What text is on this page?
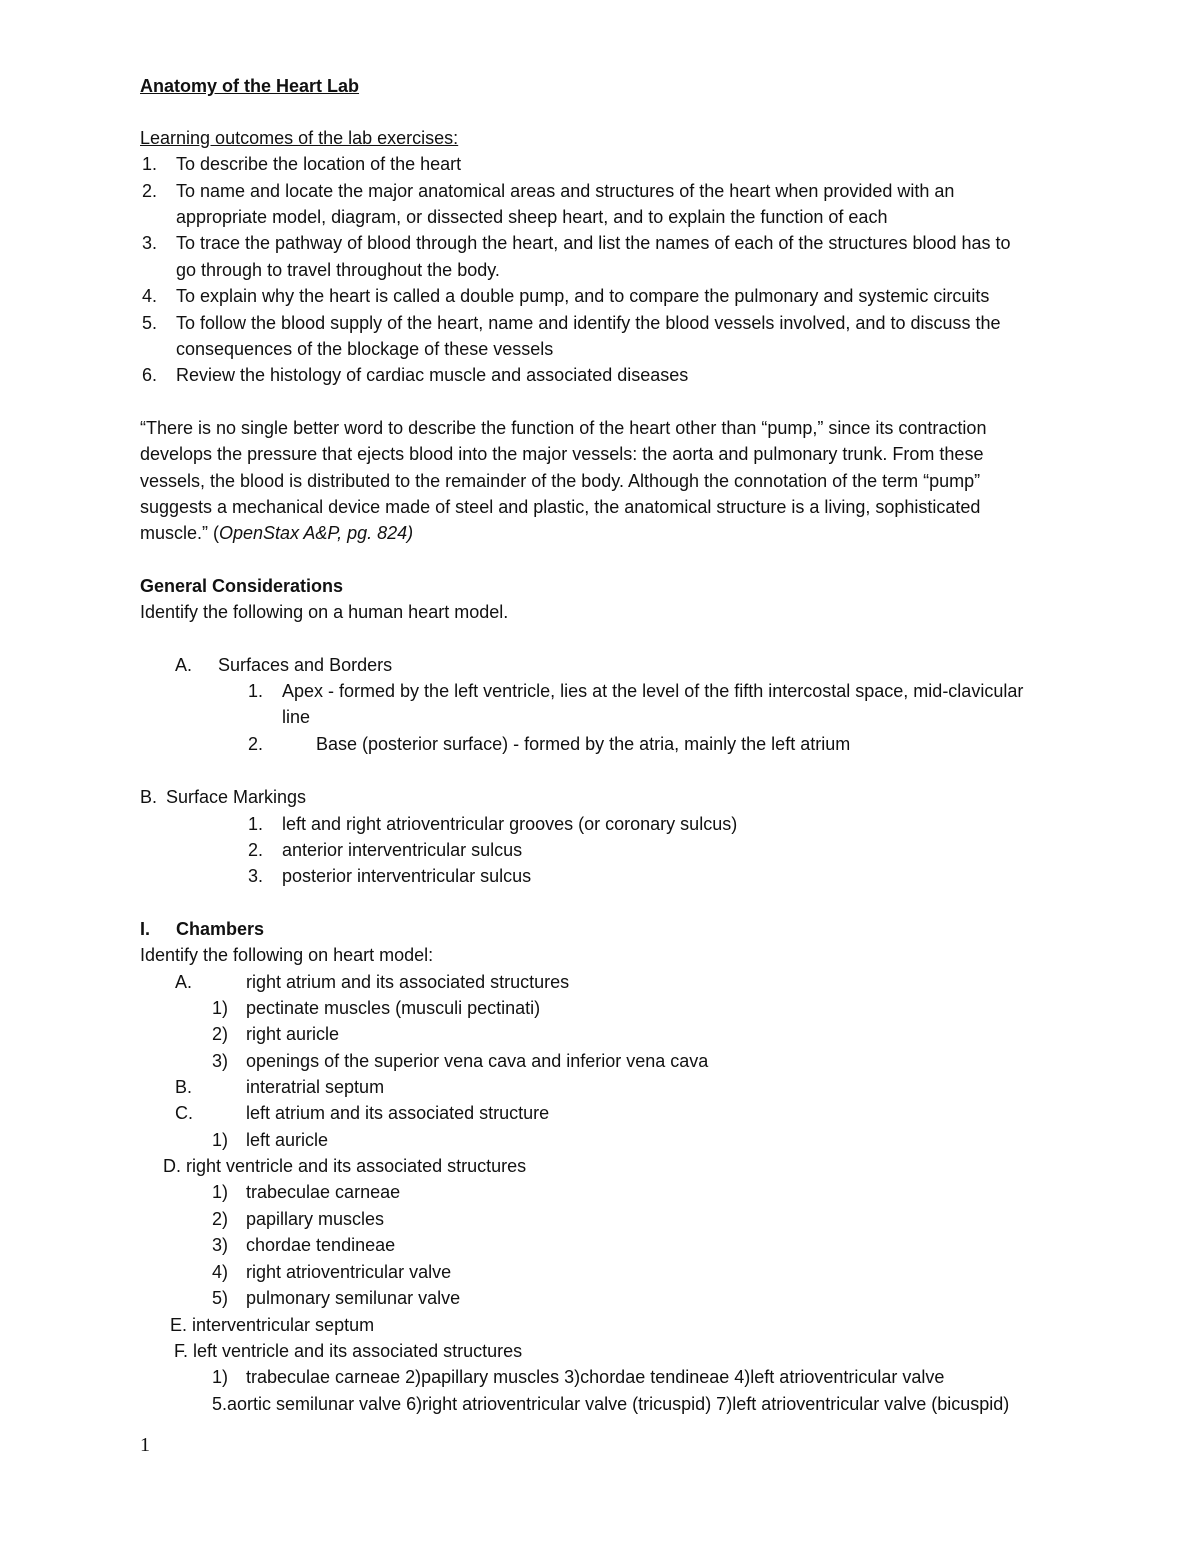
Anatomy of the Heart Lab
Learning outcomes of the lab exercises:
1. To describe the location of the heart
2. To name and locate the major anatomical areas and structures of the heart when provided with an
appropriate model, diagram, or dissected sheep heart, and to explain the function of each
3. To trace the pathway of blood through the heart, and list the names of each of the structures blood has to
go through to travel throughout the body.
4. To explain why the heart is called a double pump, and to compare the pulmonary and systemic circuits
5. To follow the blood supply of the heart, name and identify the blood vessels involved, and to discuss the
consequences of the blockage of these vessels
6. Review the histology of cardiac muscle and associated diseases
“There is no single better word to describe the function of the heart other than “pump,” since its contraction
develops the pressure that ejects blood into the major vessels: the aorta and pulmonary trunk. From these
vessels, the blood is distributed to the remainder of the body. Although the connotation of the term “pump”
suggests a mechanical device made of steel and plastic, the anatomical structure is a living, sophisticated
muscle.” (OpenStax A&P, pg. 824)
General Considerations
Identify the following on a human heart model.
A. Surfaces and Borders
1. Apex - formed by the left ventricle, lies at the level of the fifth intercostal space, mid-clavicular
line
2.	Base (posterior surface) - formed by the atria, mainly the left atrium
B. Surface Markings
1. left and right atrioventricular grooves (or coronary sulcus)
2. anterior interventricular sulcus
3. posterior interventricular sulcus
I. Chambers
Identify the following on heart model:
A.	right atrium and its associated structures
1) pectinate muscles (musculi pectinati)
2) right auricle
3) openings of the superior vena cava and inferior vena cava
B.	interatrial septum
C.	left atrium and its associated structure
1) left auricle
D. right ventricle and its associated structures
1) trabeculae carneae
2) papillary muscles
3) chordae tendineae
4) right atrioventricular valve
5) pulmonary semilunar valve
E. interventricular septum
F. left ventricle and its associated structures
1) trabeculae carneae 2)papillary muscles 3)chordae tendineae 4)left atrioventricular valve
5.aortic semilunar valve 6)right atrioventricular valve (tricuspid) 7)left atrioventricular valve (bicuspid)
1
